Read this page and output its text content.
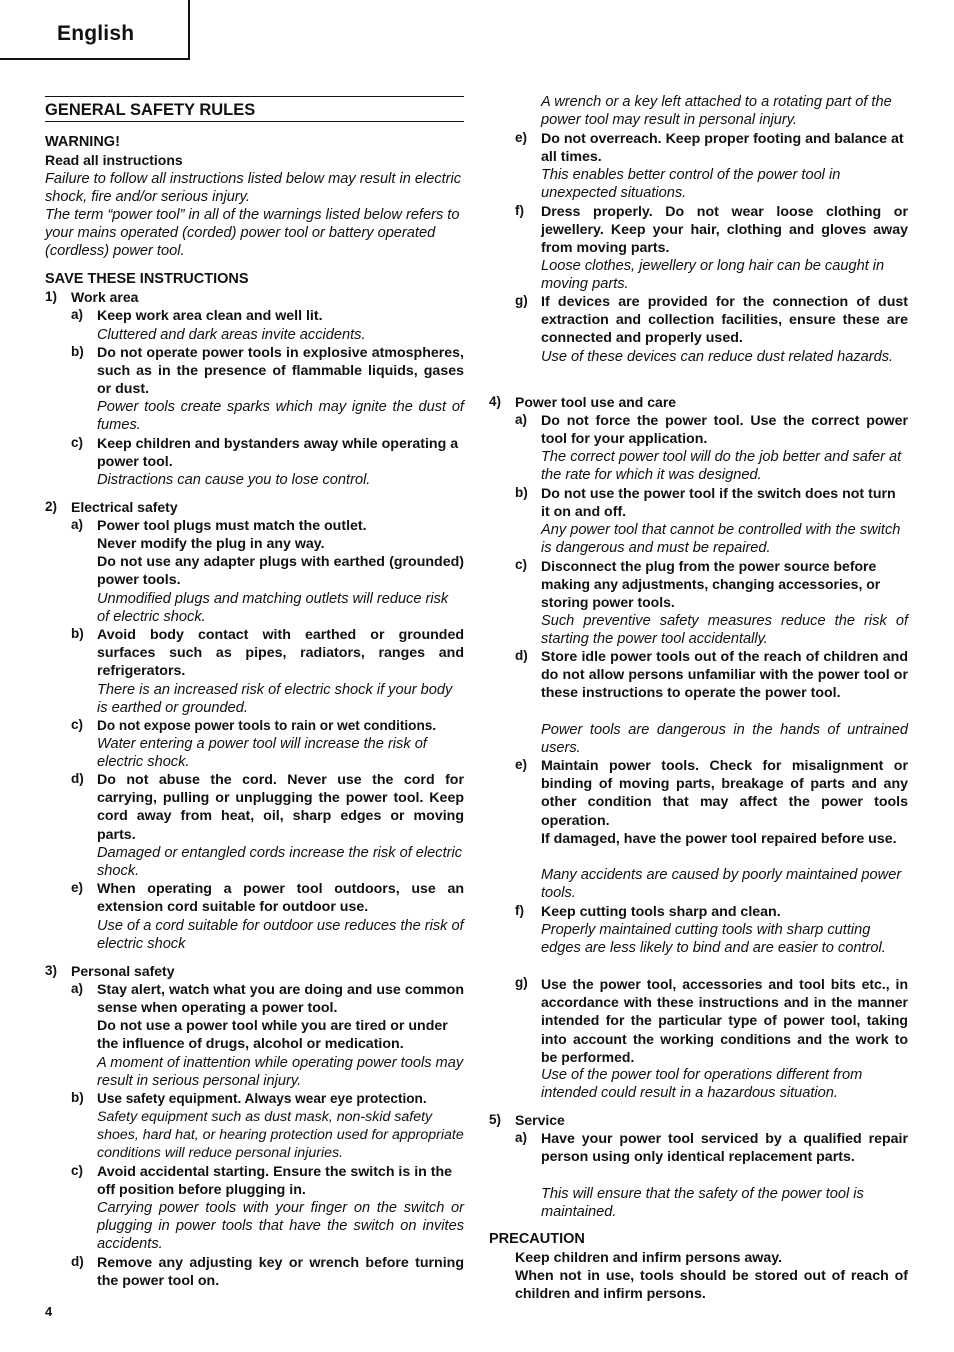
English
GENERAL SAFETY RULES
WARNING!
Read all instructions
Failure to follow all instructions listed below may result in electric shock, fire and/or serious injury.
The term “power tool” in all of the warnings listed below refers to your mains operated (corded) power tool or battery operated (cordless) power tool.
SAVE THESE INSTRUCTIONS
1) Work area
a) Keep work area clean and well lit.
Cluttered and dark areas invite accidents.
b) Do not operate power tools in explosive atmospheres, such as in the presence of flammable liquids, gases or dust.
Power tools create sparks which may ignite the dust of fumes.
c) Keep children and bystanders away while operating a power tool.
Distractions can cause you to lose control.
2) Electrical safety
a) Power tool plugs must match the outlet.
Never modify the plug in any way.
Do not use any adapter plugs with earthed (grounded) power tools.
Unmodified plugs and matching outlets will reduce risk of electric shock.
b) Avoid body contact with earthed or grounded surfaces such as pipes, radiators, ranges and refrigerators.
There is an increased risk of electric shock if your body is earthed or grounded.
c) Do not expose power tools to rain or wet conditions.
Water entering a power tool will increase the risk of electric shock.
d) Do not abuse the cord. Never use the cord for carrying, pulling or unplugging the power tool. Keep cord away from heat, oil, sharp edges or moving parts.
Damaged or entangled cords increase the risk of electric shock.
e) When operating a power tool outdoors, use an extension cord suitable for outdoor use.
Use of a cord suitable for outdoor use reduces the risk of electric shock
3) Personal safety
a) Stay alert, watch what you are doing and use common sense when operating a power tool.
Do not use a power tool while you are tired or under the influence of drugs, alcohol or medication.
A moment of inattention while operating power tools may result in serious personal injury.
b) Use safety equipment. Always wear eye protection.
Safety equipment such as dust mask, non-skid safety shoes, hard hat, or hearing protection used for appropriate conditions will reduce personal injuries.
c) Avoid accidental starting. Ensure the switch is in the off position before plugging in.
Carrying power tools with your finger on the switch or plugging in power tools that have the switch on invites accidents.
d) Remove any adjusting key or wrench before turning the power tool on.
A wrench or a key left attached to a rotating part of the power tool may result in personal injury.
e) Do not overreach. Keep proper footing and balance at all times.
This enables better control of the power tool in unexpected situations.
f) Dress properly. Do not wear loose clothing or jewellery. Keep your hair, clothing and gloves away from moving parts.
Loose clothes, jewellery or long hair can be caught in moving parts.
g) If devices are provided for the connection of dust extraction and collection facilities, ensure these are connected and properly used.
Use of these devices can reduce dust related hazards.
4) Power tool use and care
a) Do not force the power tool. Use the correct power tool for your application.
The correct power tool will do the job better and safer at the rate for which it was designed.
b) Do not use the power tool if the switch does not turn it on and off.
Any power tool that cannot be controlled with the switch is dangerous and must be repaired.
c) Disconnect the plug from the power source before making any adjustments, changing accessories, or storing power tools.
Such preventive safety measures reduce the risk of starting the power tool accidentally.
d) Store idle power tools out of the reach of children and do not allow persons unfamiliar with the power tool or these instructions to operate the power tool.
Power tools are dangerous in the hands of untrained users.
e) Maintain power tools. Check for misalignment or binding of moving parts, breakage of parts and any other condition that may affect the power tools operation.
If damaged, have the power tool repaired before use.
Many accidents are caused by poorly maintained power tools.
f) Keep cutting tools sharp and clean.
Properly maintained cutting tools with sharp cutting edges are less likely to bind and are easier to control.
g) Use the power tool, accessories and tool bits etc., in accordance with these instructions and in the manner intended for the particular type of power tool, taking into account the working conditions and the work to be performed.
Use of the power tool for operations different from intended could result in a hazardous situation.
5) Service
a) Have your power tool serviced by a qualified repair person using only identical replacement parts.
This will ensure that the safety of the power tool is maintained.
PRECAUTION
Keep children and infirm persons away.
When not in use, tools should be stored out of reach of children and infirm persons.
4
